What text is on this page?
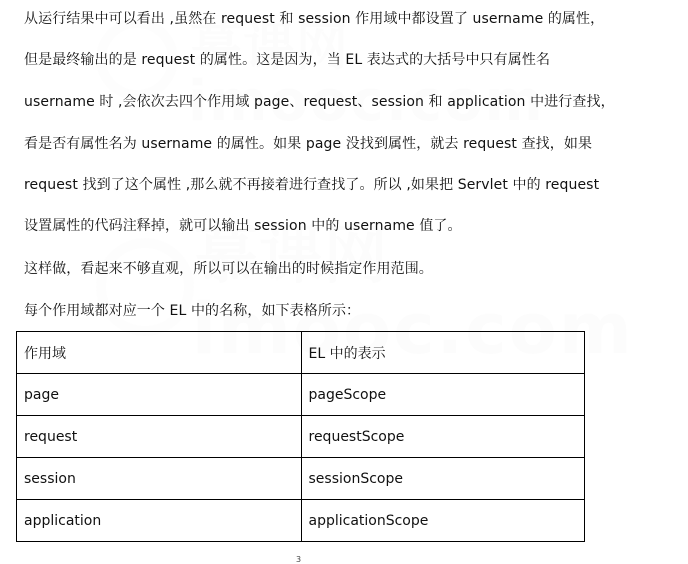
从运行结果中可以看出 ,虽然在 request 和 session 作用域中都设置了 username 的属性，
但是最终输出的是 request 的属性。这是因为，当 EL 表达式的大括号中只有属性名
username 时 ,会依次去四个作用域 page、request、session 和 application 中进行查找，
看是否有属性名为 username 的属性。如果 page 没找到属性，就去 request 查找，如果
request 找到了这个属性 ,那么就不再接着进行查找了。所以 ,如果把 Servlet 中的 request
设置属性的代码注释掉，就可以输出 session 中的 username 值了。
这样做，看起来不够直观，所以可以在输出的时候指定作用范围。
每个作用域都对应一个 EL 中的名称，如下表格所示：
作用域	EL 中的表示
page	pageScope
request	requestScope
session	sessionScope
application	applicationScope
3
